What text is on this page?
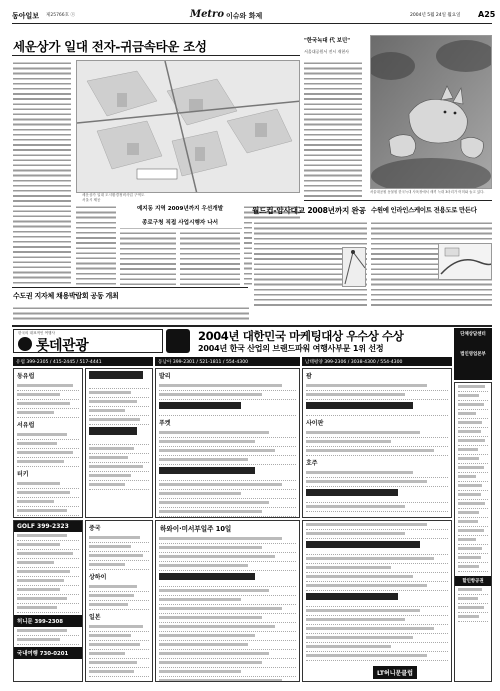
동아일보 제25766호 ⓢ	Metro 이슈와 화제	2004년 5월 24일 월요일 A25
세운상가 일대 전자-귀금속타운 조성
세운상가 일대 도시환경정비사업 구역도
서울시 제공
예지동 지역 2009년까지 우선개발
종로구청 직접 사업시행자 나서
"한국녹대 代 보던"
서울대공원서 전시 재현사
서울대공원 동물원 한국늑대 사육장에서 새끼 늑대 3마리가 어미와 놀고 있다.
월드컵-암사대교 2008년까지 완공 수원에 인라인스케이트 전용도로 만든다
수도권 지자체 채용박람회 공동 개최
한국의 대표적인 여행사
롯데관광
2004년 대한민국 마케팅대상 우수상 수상
2004년 한국 산업의 브랜드파워 여행사부문 1위 선정
단체상담센터
법인영업본부
유럽 399-2305 / 415-2445 / 517-4441	동남아 399-2301 / 521-1811 / 554-4300	남태평양 399-2306 / 3038-4300 / 554-4300
동유럽
서유럽
터키
발리
푸켓
괌
사이판
호주
할인항공권
GOLF 399-2323
허니문 399-2308
국내여행 730-0201
중국
상하이
일본
하와이·미서부일주 10일
LT허니문클럽
